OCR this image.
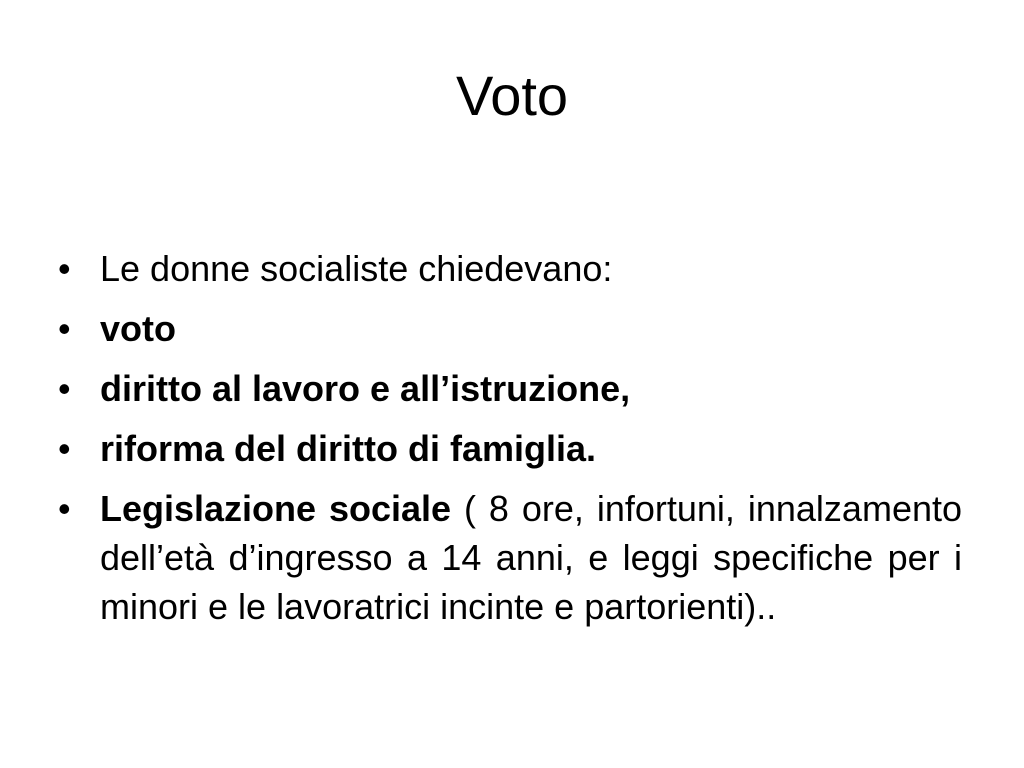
Voto
• Le donne socialiste chiedevano:
• voto
• diritto al lavoro e all’istruzione,
• riforma del diritto di famiglia.
• Legislazione sociale ( 8 ore, infortuni, innalzamento dell’età d’ingresso a 14 anni, e leggi specifiche per i minori e le lavoratrici incinte e partorienti)..
